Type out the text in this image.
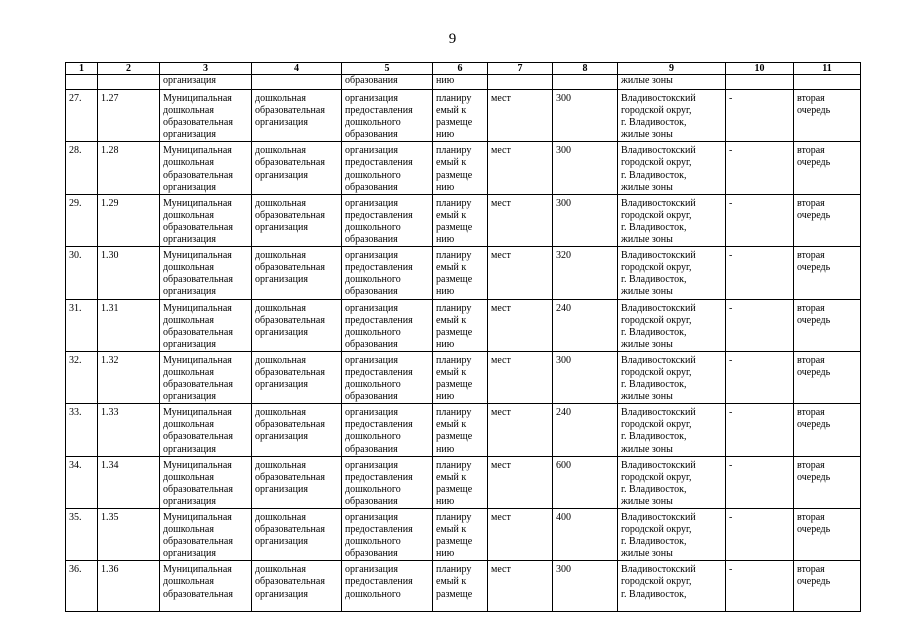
9
1	2	3	4	5	6	7	8	9	10	11
		организация		образования	нию			жилые зоны		
27.	1.27	Муниципальная
дошкольная
образовательная
организация	дошкольная
образовательная
организация	организация
предоставления
дошкольного
образования	планиру
емый к
размеще
нию	мест	300	Владивостокский
городской округ,
г. Владивосток,
жилые зоны	-	вторая
очередь
28.	1.28	Муниципальная
дошкольная
образовательная
организация	дошкольная
образовательная
организация	организация
предоставления
дошкольного
образования	планиру
емый к
размеще
нию	мест	300	Владивостокский
городской округ,
г. Владивосток,
жилые зоны	-	вторая
очередь
29.	1.29	Муниципальная
дошкольная
образовательная
организация	дошкольная
образовательная
организация	организация
предоставления
дошкольного
образования	планиру
емый к
размеще
нию	мест	300	Владивостокский
городской округ,
г. Владивосток,
жилые зоны	-	вторая
очередь
30.	1.30	Муниципальная
дошкольная
образовательная
организация	дошкольная
образовательная
организация	организация
предоставления
дошкольного
образования	планиру
емый к
размеще
нию	мест	320	Владивостокский
городской округ,
г. Владивосток,
жилые зоны	-	вторая
очередь
31.	1.31	Муниципальная
дошкольная
образовательная
организация	дошкольная
образовательная
организация	организация
предоставления
дошкольного
образования	планиру
емый к
размеще
нию	мест	240	Владивостокский
городской округ,
г. Владивосток,
жилые зоны	-	вторая
очередь
32.	1.32	Муниципальная
дошкольная
образовательная
организация	дошкольная
образовательная
организация	организация
предоставления
дошкольного
образования	планиру
емый к
размеще
нию	мест	300	Владивостокский
городской округ,
г. Владивосток,
жилые зоны	-	вторая
очередь
33.	1.33	Муниципальная
дошкольная
образовательная
организация	дошкольная
образовательная
организация	организация
предоставления
дошкольного
образования	планиру
емый к
размеще
нию	мест	240	Владивостокский
городской округ,
г. Владивосток,
жилые зоны	-	вторая
очередь
34.	1.34	Муниципальная
дошкольная
образовательная
организация	дошкольная
образовательная
организация	организация
предоставления
дошкольного
образования	планиру
емый к
размеще
нию	мест	600	Владивостокский
городской округ,
г. Владивосток,
жилые зоны	-	вторая
очередь
35.	1.35	Муниципальная
дошкольная
образовательная
организация	дошкольная
образовательная
организация	организация
предоставления
дошкольного
образования	планиру
емый к
размеще
нию	мест	400	Владивостокский
городской округ,
г. Владивосток,
жилые зоны	-	вторая
очередь
36.	1.36	Муниципальная
дошкольная
образовательная	дошкольная
образовательная
организация	организация
предоставления
дошкольного	планиру
емый к
размеще	мест	300	Владивостокский
городской округ,
г. Владивосток,	-	вторая
очередь
